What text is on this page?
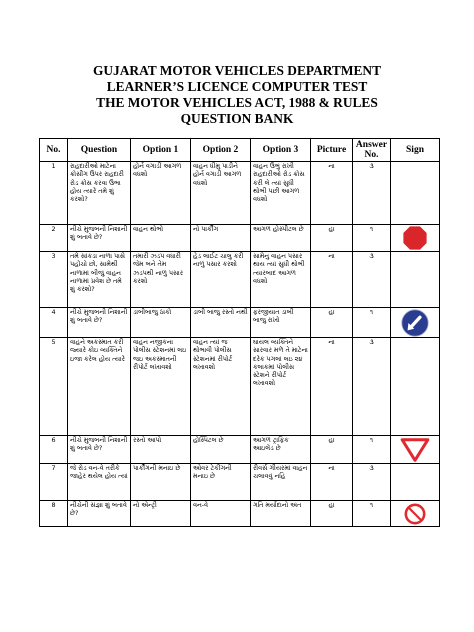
GUJARAT MOTOR VEHICLES DEPARTMENT
LEARNER’S LICENCE COMPUTER TEST
THE MOTOR VEHICLES ACT, 1988 & RULES
QUESTION BANK
No.	Question	Option 1	Option 2	Option 3	Picture	Answer No.	Sign
1	રાહદારીઓ માટેના ક્રોસીંગ ઉપર રાહદારી રોડ ક્રોસ કરવા ઉભા હોય ત્યારે તમે શું કરશો?	હોર્ન વગાડી આગળ વધશો	વાહન ધીમુ પાડીને હોર્ન વગાડી આગળ વધશો	વાહન ઉભું રાખી રાહદારીઓ રોડ ક્રોસ કરી લે ત્યાં સુધી થોભી પછી આગળ વધશો	ના	૩	
2	નીચે મુજબની નિશાની શું બતાવે છે?	વાહન થોભો	નો પાર્કીંગ	આગળ હોસ્પીટલ છે	હા	૧	

3	તમે સાંકડા નાળા પાસે પહોંચો છો, સામેથી નાળામાં બીજું વાહન નાળામાં પ્રવેશ છે તમે શું કરશો?	તમારી ઝડપ વધારી જેમ બને તેમ ઝડપથી નાળુ પસાર કરશો	હેડ લાઈટ ચાલુ કરી નાળુ પસાર કરશો	સામેનુ વાહન પસાર થાય ત્યાં સુધી થોભી ત્યારબાદ આગળ વધશો	ના	૩	
4	નીચે મુજબની નિશાની શું બતાવે છે?	ડાબીબાજુ ઠાકો	ડાબી બાજુ રસ્તો નથી	ફરજીયાત ડાબી બાજુ રાખો	હા	૧	

5	વાહને અકસ્માત કરી જ્યારે કોઇ વ્યક્તિને ઇજા કરેલ હોય ત્યારે	વાહન નજીકના પોલીસ સ્ટેશનમાં લઇ જઇ અકસ્માતની રીપોર્ટ લખાવશો	વાહન ત્યાં જ થોભાવી પોલીસ સ્ટેશનમાં રીપોર્ટ લખાવશો	ઘાયલ વ્યક્તિને સારવાર મળે તે માટેના દરેક પગલાં લઇ ૨૪ કલાકમાં પોલીસ સ્ટેશને રીપોર્ટ લખાવશો	ના	૩	
6	નીચે મુજબની નિશાની શું બતાવે છે?	રસ્તો આપો	હોસ્પિટલ છે	આગળ ટ્રાફિક આઇલેંડ છે	હા	૧	

7	જે રોડ વન-વે તરીકે જાહેર થયેલ હોય ત્યાં	પાર્કીંગની મનાઇ છે	ઓવર ટેકીંગની મનાઇ છે	રીવર્સ ગીયરમાં વાહન ચલાવવું નહિ	ના	૩	
8	નીચેની સંજ્ઞા શું બતાવે છે?	નો એન્ટ્રી	વન-વે	ગતિ મર્યાદાનો અંત	હા	૧	
